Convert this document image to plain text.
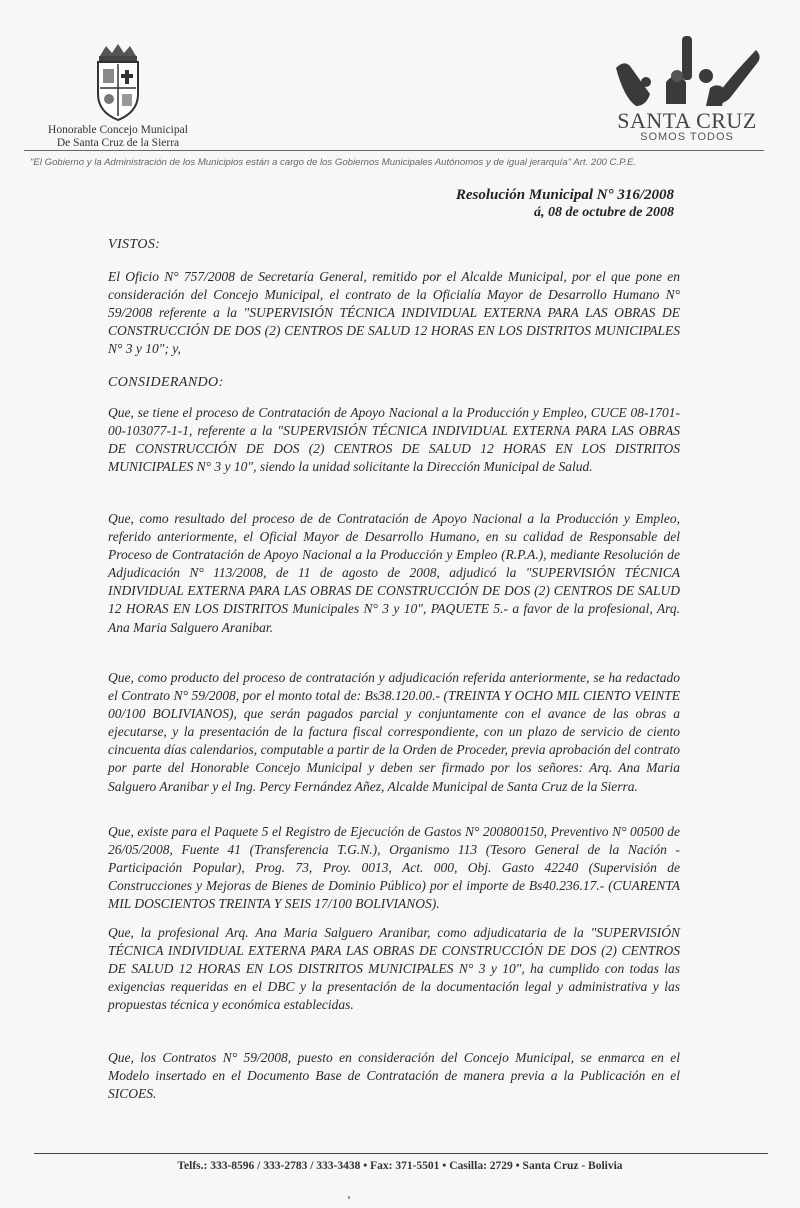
Honorable Concejo Municipal
De Santa Cruz de la Sierra
SANTA CRUZ
SOMOS TODOS
"El Gobierno y la Administración de los Municipios están a cargo de los Gobiernos Municipales Autónomos y de igual jerarquía" Art. 200 C.P.E.
Resolución Municipal N° 316/2008
á, 08 de octubre de 2008
VISTOS:
El Oficio N° 757/2008 de Secretaría General, remitido por el Alcalde Municipal, por el que pone en consideración del Concejo Municipal, el contrato de la Oficialía Mayor de Desarrollo Humano N° 59/2008 referente a la "SUPERVISIÓN TÉCNICA INDIVIDUAL EXTERNA PARA LAS OBRAS DE CONSTRUCCIÓN DE DOS (2) CENTROS DE SALUD 12 HORAS EN LOS DISTRITOS MUNICIPALES N° 3 y 10"; y,
CONSIDERANDO:
Que, se tiene el proceso de Contratación de Apoyo Nacional a la Producción y Empleo, CUCE 08-1701-00-103077-1-1, referente a la "SUPERVISIÓN TÉCNICA INDIVIDUAL EXTERNA PARA LAS OBRAS DE CONSTRUCCIÓN DE DOS (2) CENTROS DE SALUD 12 HORAS EN LOS DISTRITOS MUNICIPALES N° 3 y 10", siendo la unidad solicitante la Dirección Municipal de Salud.
Que, como resultado del proceso de de Contratación de Apoyo Nacional a la Producción y Empleo, referido anteriormente, el Oficial Mayor de Desarrollo Humano, en su calidad de Responsable del Proceso de Contratación de Apoyo Nacional a la Producción y Empleo (R.P.A.), mediante Resolución de Adjudicación N° 113/2008, de 11 de agosto de 2008, adjudicó la "SUPERVISIÓN TÉCNICA INDIVIDUAL EXTERNA PARA LAS OBRAS DE CONSTRUCCIÓN DE DOS (2) CENTROS DE SALUD 12 HORAS EN LOS DISTRITOS Municipales N° 3 y 10", PAQUETE 5.- a favor de la profesional, Arq. Ana Maria Salguero Aranibar.
Que, como producto del proceso de contratación y adjudicación referida anteriormente, se ha redactado el Contrato N° 59/2008, por el monto total de: Bs38.120.00.- (TREINTA Y OCHO MIL CIENTO VEINTE 00/100 BOLIVIANOS), que serán pagados parcial y conjuntamente con el avance de las obras a ejecutarse, y la presentación de la factura fiscal correspondiente, con un plazo de servicio de ciento cincuenta días calendarios, computable a partir de la Orden de Proceder, previa aprobación del contrato por parte del Honorable Concejo Municipal y deben ser firmado por los señores: Arq. Ana Maria Salguero Aranibar y el Ing. Percy Fernández Añez, Alcalde Municipal de Santa Cruz de la Sierra.
Que, existe para el Paquete 5 el Registro de Ejecución de Gastos N° 200800150, Preventivo N° 00500 de 26/05/2008, Fuente 41 (Transferencia T.G.N.), Organismo 113 (Tesoro General de la Nación - Participación Popular), Prog. 73, Proy. 0013, Act. 000, Obj. Gasto 42240 (Supervisión de Construcciones y Mejoras de Bienes de Dominio Público) por el importe de Bs40.236.17.- (CUARENTA MIL DOSCIENTOS TREINTA Y SEIS 17/100 BOLIVIANOS).
Que, la profesional Arq. Ana Maria Salguero Aranibar, como adjudicataria de la "SUPERVISIÓN TÉCNICA INDIVIDUAL EXTERNA PARA LAS OBRAS DE CONSTRUCCIÓN DE DOS (2) CENTROS DE SALUD 12 HORAS EN LOS DISTRITOS MUNICIPALES N° 3 y 10", ha cumplido con todas las exigencias requeridas en el DBC y la presentación de la documentación legal y administrativa y las propuestas técnica y económica establecidas.
Que, los Contratos N° 59/2008, puesto en consideración del Concejo Municipal, se enmarca en el Modelo insertado en el Documento Base de Contratación de manera previa a la Publicación en el SICOES.
Telfs.: 333-8596 / 333-2783 / 333-3438 • Fax: 371-5501 • Casilla: 2729 • Santa Cruz - Bolivia
